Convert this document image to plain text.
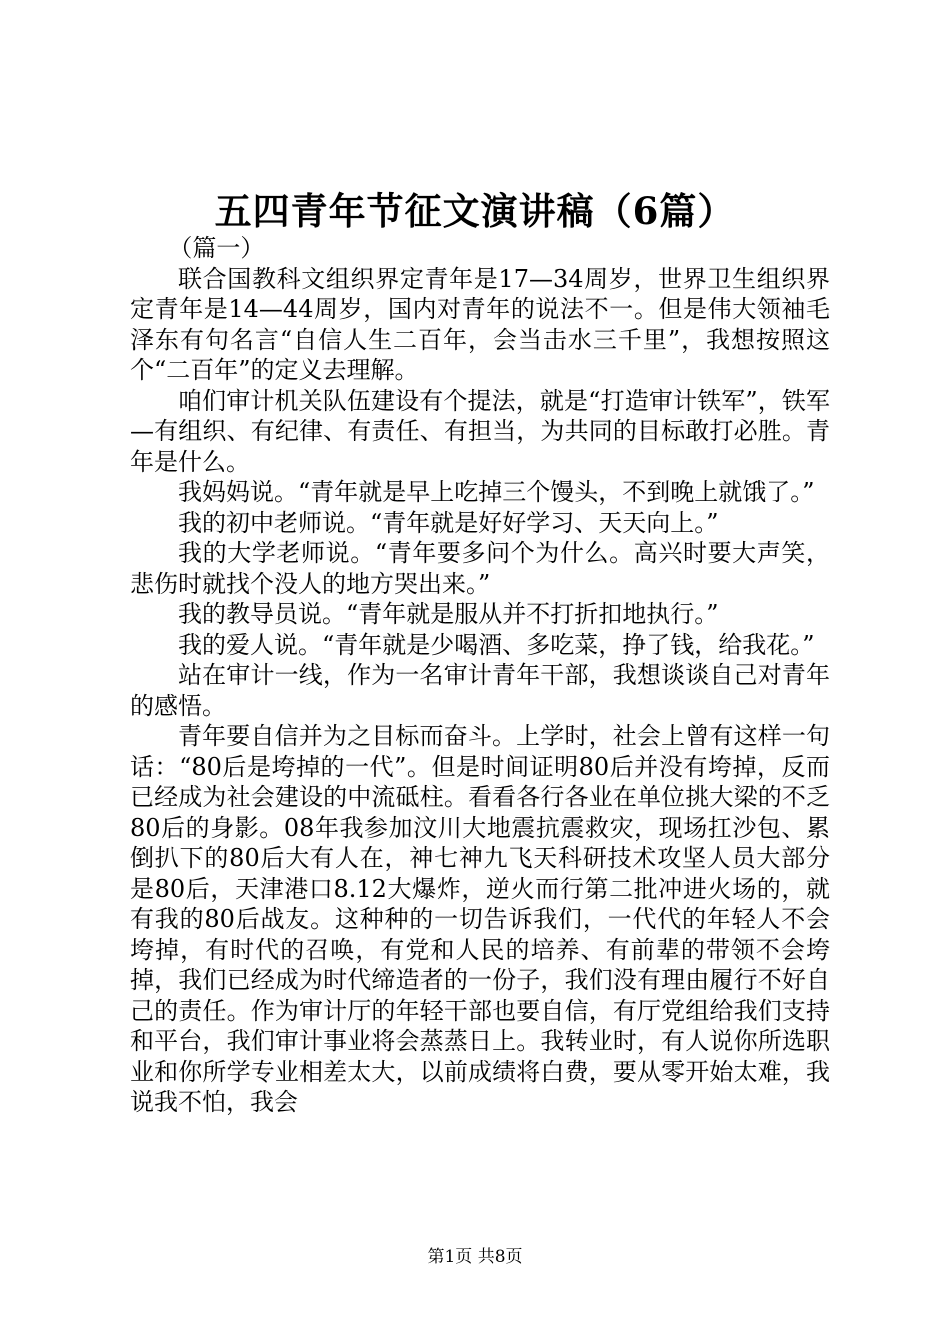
五四青年节征文演讲稿（6篇）

（篇一）

联合国教科文组织界定青年是17—34周岁，世界卫生组织界定青年是14—44周岁，国内对青年的说法不一。但是伟大领袖毛泽东有句名言“自信人生二百年，会当击水三千里”，我想按照这个“二百年”的定义去理解。

咱们审计机关队伍建设有个提法，就是“打造审计铁军”，铁军—有组织、有纪律、有责任、有担当，为共同的目标敢打必胜。青年是什么。

我妈妈说。“青年就是早上吃掉三个馒头，不到晚上就饿了。”

我的初中老师说。“青年就是好好学习、天天向上。”

我的大学老师说。“青年要多问个为什么。高兴时要大声笑，悲伤时就找个没人的地方哭出来。”

我的教导员说。“青年就是服从并不打折扣地执行。”

我的爱人说。“青年就是少喝酒、多吃菜，挣了钱，给我花。”

站在审计一线，作为一名审计青年干部，我想谈谈自己对青年的感悟。

青年要自信并为之目标而奋斗。上学时，社会上曾有这样一句话：“80后是垮掉的一代”。但是时间证明80后并没有垮掉，反而已经成为社会建设的中流砥柱。看看各行各业在单位挑大梁的不乏80后的身影。08年我参加汶川大地震抗震救灾，现场扛沙包、累倒扒下的80后大有人在，神七神九飞天科研技术攻坚人员大部分是80后，天津港口8.12大爆炸，逆火而行第二批冲进火场的，就有我的80后战友。这种种的一切告诉我们，一代代的年轻人不会垮掉，有时代的召唤，有党和人民的培养、有前辈的带领不会垮掉，我们已经成为时代缔造者的一份子，我们没有理由履行不好自己的责任。作为审计厅的年轻干部也要自信，有厅党组给我们支持和平台，我们审计事业将会蒸蒸日上。我转业时，有人说你所选职业和你所学专业相差太大，以前成绩将白费，要从零开始太难，我说我不怕，我会

第1页 共8页
